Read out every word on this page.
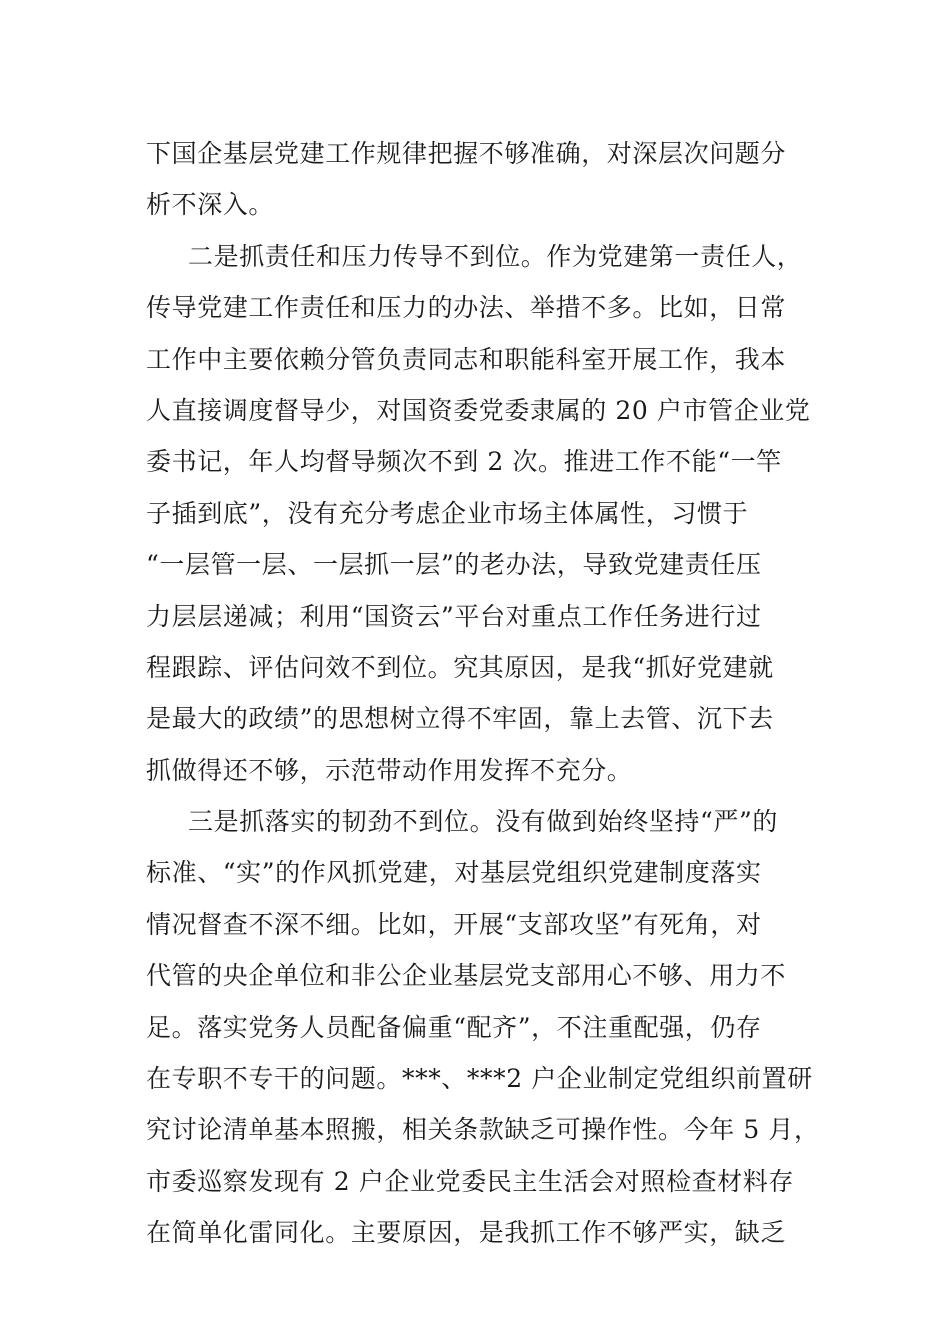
下国企基层党建工作规律把握不够准确，对深层次问题分
析不深入。
二是抓责任和压力传导不到位。作为党建第一责任人，
传导党建工作责任和压力的办法、举措不多。比如，日常
工作中主要依赖分管负责同志和职能科室开展工作，我本
人直接调度督导少，对国资委党委隶属的 20 户市管企业党
委书记，年人均督导频次不到 2 次。推进工作不能“一竿
子插到底”，没有充分考虑企业市场主体属性，习惯于
“一层管一层、一层抓一层”的老办法，导致党建责任压
力层层递减；利用“国资云”平台对重点工作任务进行过
程跟踪、评估问效不到位。究其原因，是我“抓好党建就
是最大的政绩”的思想树立得不牢固，靠上去管、沉下去
抓做得还不够，示范带动作用发挥不充分。
三是抓落实的韧劲不到位。没有做到始终坚持“严”的
标准、“实”的作风抓党建，对基层党组织党建制度落实
情况督查不深不细。比如，开展“支部攻坚”有死角，对
代管的央企单位和非公企业基层党支部用心不够、用力不
足。落实党务人员配备偏重“配齐”，不注重配强，仍存
在专职不专干的问题。***、***2 户企业制定党组织前置研
究讨论清单基本照搬，相关条款缺乏可操作性。今年 5 月，
市委巡察发现有 2 户企业党委民主生活会对照检查材料存
在简单化雷同化。主要原因，是我抓工作不够严实，缺乏
